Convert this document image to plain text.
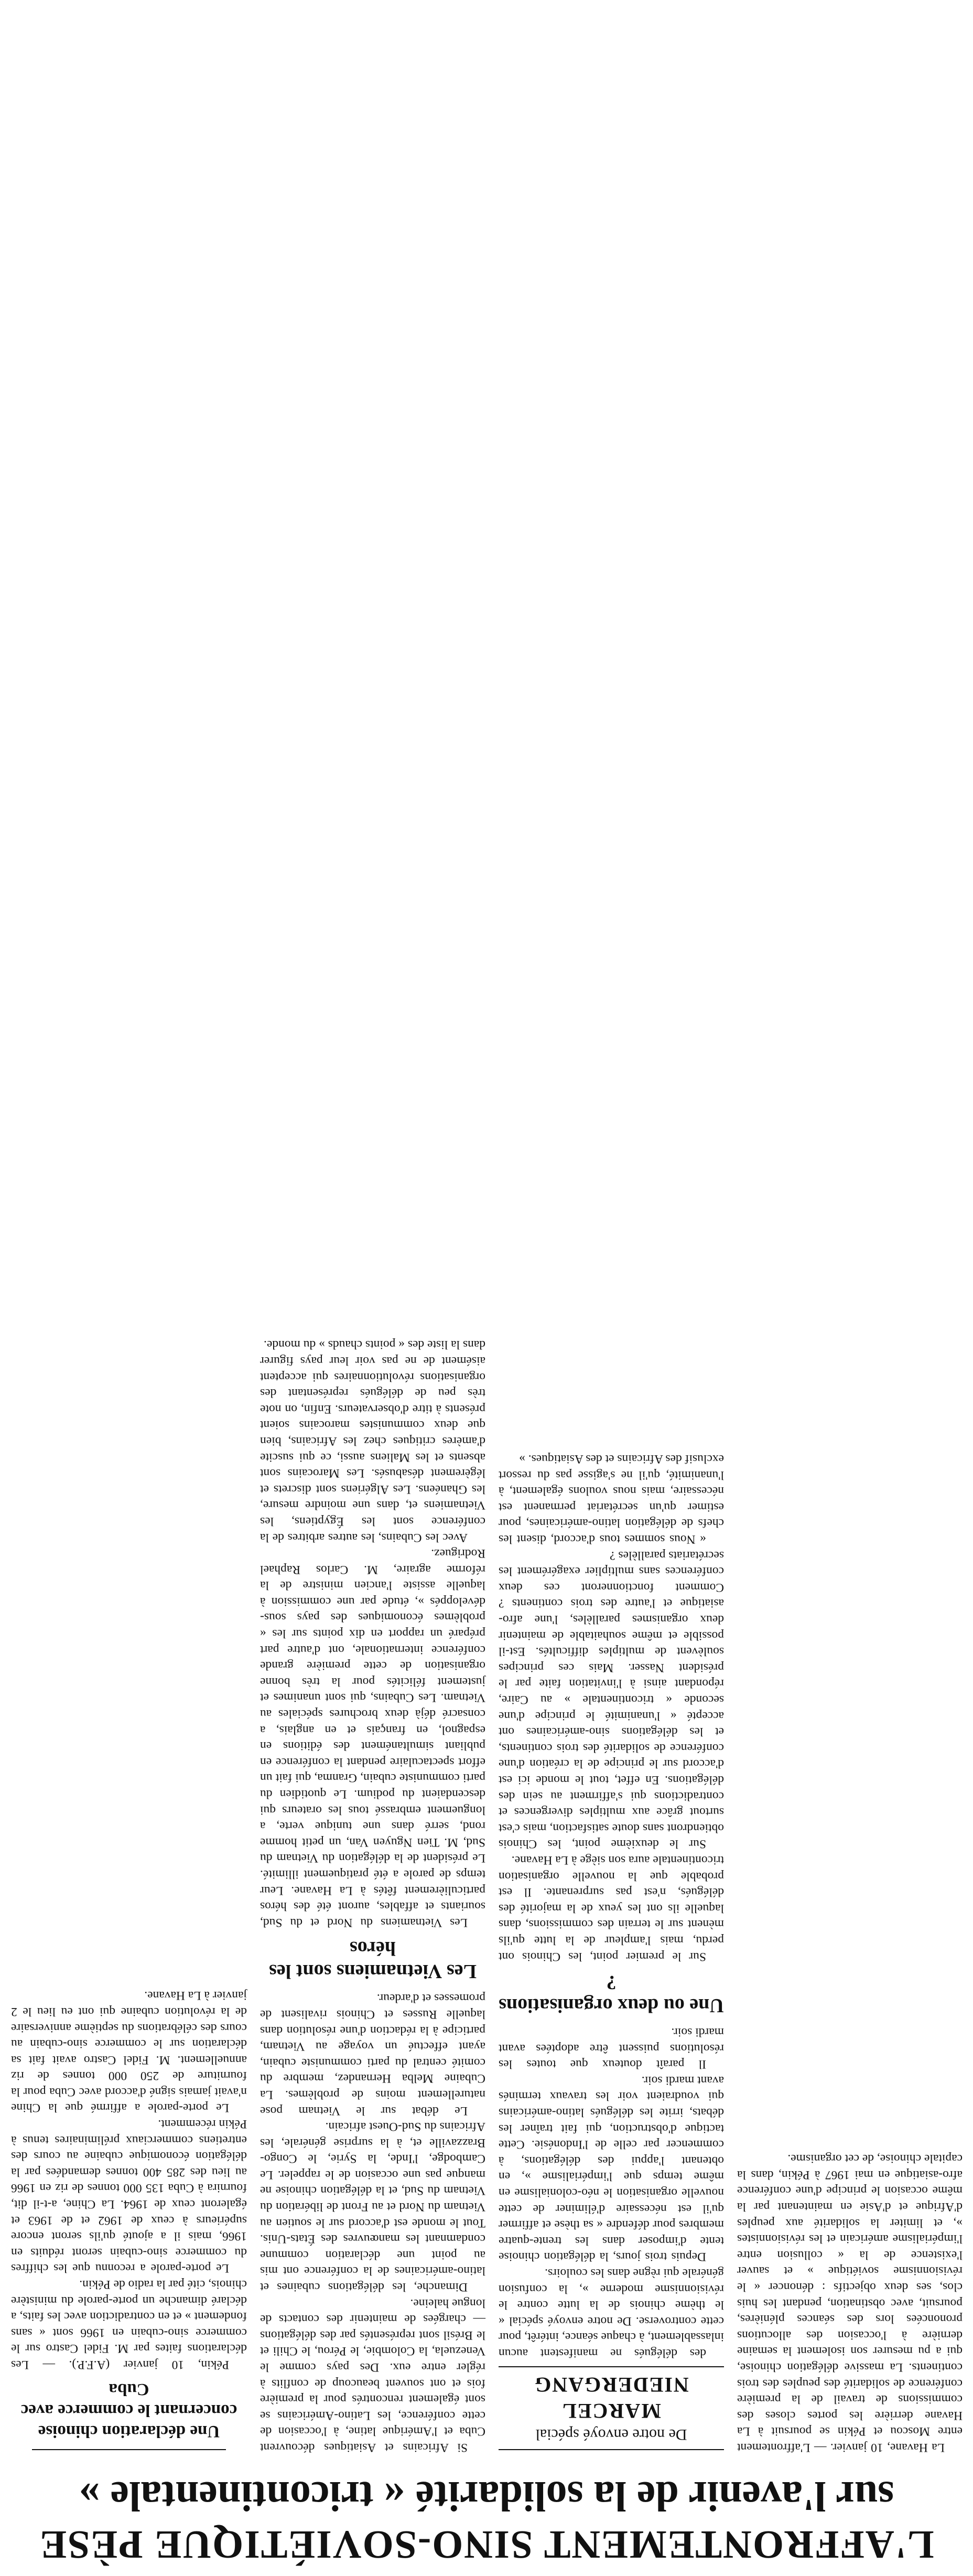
L'AFFRONTEMENT SINO-SOVIÉTIQUE PÈSE
sur l'avenir de la solidarité « tricontinentale »

La Havane, 10 janvier. — L'affrontement entre Moscou et Pékin se poursuit à La Havane derrière les portes closes des commissions de travail de la première conférence de solidarité des peuples des trois continents. La massive délégation chinoise, qui a pu mesurer son isolement la semaine dernière à l'occasion des allocutions prononcées lors des séances plénières, poursuit, avec obstination, pendant les huis clos, ses deux objectifs : dénoncer « le révisionnisme soviétique » et sauver l'existence de la « collusion entre l'impérialisme américain et les révisionnistes », et limiter la solidarité aux peuples d'Afrique et d'Asie en maintenant par la même occasion le principe d'une conférence afro-asiatique en mai 1967 à Pékin, dans la capitale chinoise, de cet organisme.

De notre envoyé spécial
MARCEL NIEDERGANG

des délégués ne manifestent aucun inlassablement, à chaque séance, intérêt, pour cette controverse. De notre envoyé spécial « le thème chinois de la lutte contre le révisionnisme moderne », la confusion générale qui règne dans les couloirs.

Depuis trois jours, la délégation chinoise tente d'imposer dans les trente-quatre membres pour défendre « sa thèse et affirmer qu'il est nécessaire d'éliminer de cette nouvelle organisation le néo-colonialisme en même temps que l'impérialisme », en obtenant l'appui des délégations, à commencer par celle de l'Indonésie. Cette tactique d'obstruction, qui fait traîner les débats, irrite les délégués latino-américains qui voudraient voir les travaux terminés avant mardi soir.

Il paraît douteux que toutes les résolutions puissent être adoptées avant mardi soir.

Une ou deux organisations ?

Sur le premier point, les Chinois ont perdu, mais l'ampleur de la lutte qu'ils mènent sur le terrain des commissions, dans laquelle ils ont les yeux de la majorité des délégués, n'est pas surprenante. Il est probable que la nouvelle organisation tricontinentale aura son siège à La Havane.

Sur le deuxième point, les Chinois obtiendront sans doute satisfaction, mais c'est surtout grâce aux multiples divergences et contradictions qui s'affirment au sein des délégations. En effet, tout le monde ici est d'accord sur le principe de la création d'une conférence de solidarité des trois continents, et les délégations sino-américaines ont accepté « l'unanimité le principe d'une seconde « tricontinentale » au Caire, répondant ainsi à l'invitation faite par le président Nasser. Mais ces principes soulèvent de multiples difficultés. Est-il possible et même souhaitable de maintenir deux organismes parallèles, l'une afro-asiatique et l'autre des trois continents ? Comment fonctionneront ces deux conférences sans multiplier exagérément les secrétariats parallèles ?

« Nous sommes tous d'accord, disent les chefs de délégation latino-américaines, pour estimer qu'un secrétariat permanent est nécessaire, mais nous voulons également, à l'unanimité, qu'il ne s'agisse pas du ressort exclusif des Africains et des Asiatiques. »

Si Africains et Asiatiques découvrent Cuba et l'Amérique latine, à l'occasion de cette conférence, les Latino-Américains se sont également rencontrés pour la première fois et ont souvent beaucoup de conflits à régler entre eux. Des pays comme le Venezuela, la Colombie, le Pérou, le Chili et le Brésil sont représentés par des délégations — chargées de maintenir des contacts de longue haleine.

Dimanche, les délégations cubaines et latino-américaines de la conférence ont mis au point une déclaration commune condamnant les manœuvres des États-Unis. Tout le monde est d'accord sur le soutien au Vietnam du Nord et au Front de libération du Vietnam du Sud, et la délégation chinoise ne manque pas une occasion de le rappeler. Le Cambodge, l'Inde, la Syrie, le Congo-Brazzaville et, à la surprise générale, les Africains du Sud-Ouest africain.

Le débat sur le Vietnam pose naturellement moins de problèmes. La Cubaine Melba Hernandez, membre du comité central du parti communiste cubain, ayant effectué un voyage au Vietnam, participe à la rédaction d'une résolution dans laquelle Russes et Chinois rivalisent de promesses et d'ardeur.

Les Vietnamiens sont les héros

Les Vietnamiens du Nord et du Sud, souriants et affables, auront été des héros particulièrement fêtés à La Havane. Leur temps de parole a été pratiquement illimité. Le président de la délégation du Vietnam du Sud, M. Tien Nguyen Van, un petit homme rond, serré dans une tunique verte, a longuement embrassé tous les orateurs qui descendaient du podium. Le quotidien du parti communiste cubain, Granma, qui fait un effort spectaculaire pendant la conférence en publiant simultanément des éditions en espagnol, en français et en anglais, a consacré déjà deux brochures spéciales au Vietnam. Les Cubains, qui sont unanimes et justement félicités pour la très bonne organisation de cette première grande conférence internationale, ont d'autre part préparé un rapport en dix points sur les « problèmes économiques des pays sous-développés », étude par une commission à laquelle assiste l'ancien ministre de la réforme agraire, M. Carlos Raphael Rodriguez.

Avec les Cubains, les autres arbitres de la conférence sont les Égyptiens, les Vietnamiens et, dans une moindre mesure, les Ghanéens. Les Algériens sont discrets et légèrement désabusés. Les Marocains sont absents et les Maliens aussi, ce qui suscite d'amères critiques chez les Africains, bien que deux communistes marocains soient présents à titre d'observateurs. Enfin, on note très peu de délégués représentant des organisations révolutionnaires qui acceptent aisément de ne pas voir leur pays figurer dans la liste des « points chauds » du monde.

Une déclaration chinoise concernant le commerce avec Cuba

Pékin, 10 janvier (A.F.P.). — Les déclarations faites par M. Fidel Castro sur le commerce sino-cubain en 1966 sont « sans fondement » et en contradiction avec les faits, a déclaré dimanche un porte-parole du ministère chinois, cité par la radio de Pékin.

Le porte-parole a reconnu que les chiffres du commerce sino-cubain seront réduits en 1966, mais il a ajouté qu'ils seront encore supérieurs à ceux de 1962 et de 1963 et égaleront ceux de 1964. La Chine, a-t-il dit, fournira à Cuba 135 000 tonnes de riz en 1966 au lieu des 285 400 tonnes demandées par la délégation économique cubaine au cours des entretiens commerciaux préliminaires tenus à Pékin récemment.

Le porte-parole a affirmé que la Chine n'avait jamais signé d'accord avec Cuba pour la fourniture de 250 000 tonnes de riz annuellement. M. Fidel Castro avait fait sa déclaration sur le commerce sino-cubain au cours des célébrations du septième anniversaire de la révolution cubaine qui ont eu lieu le 2 janvier à La Havane.
